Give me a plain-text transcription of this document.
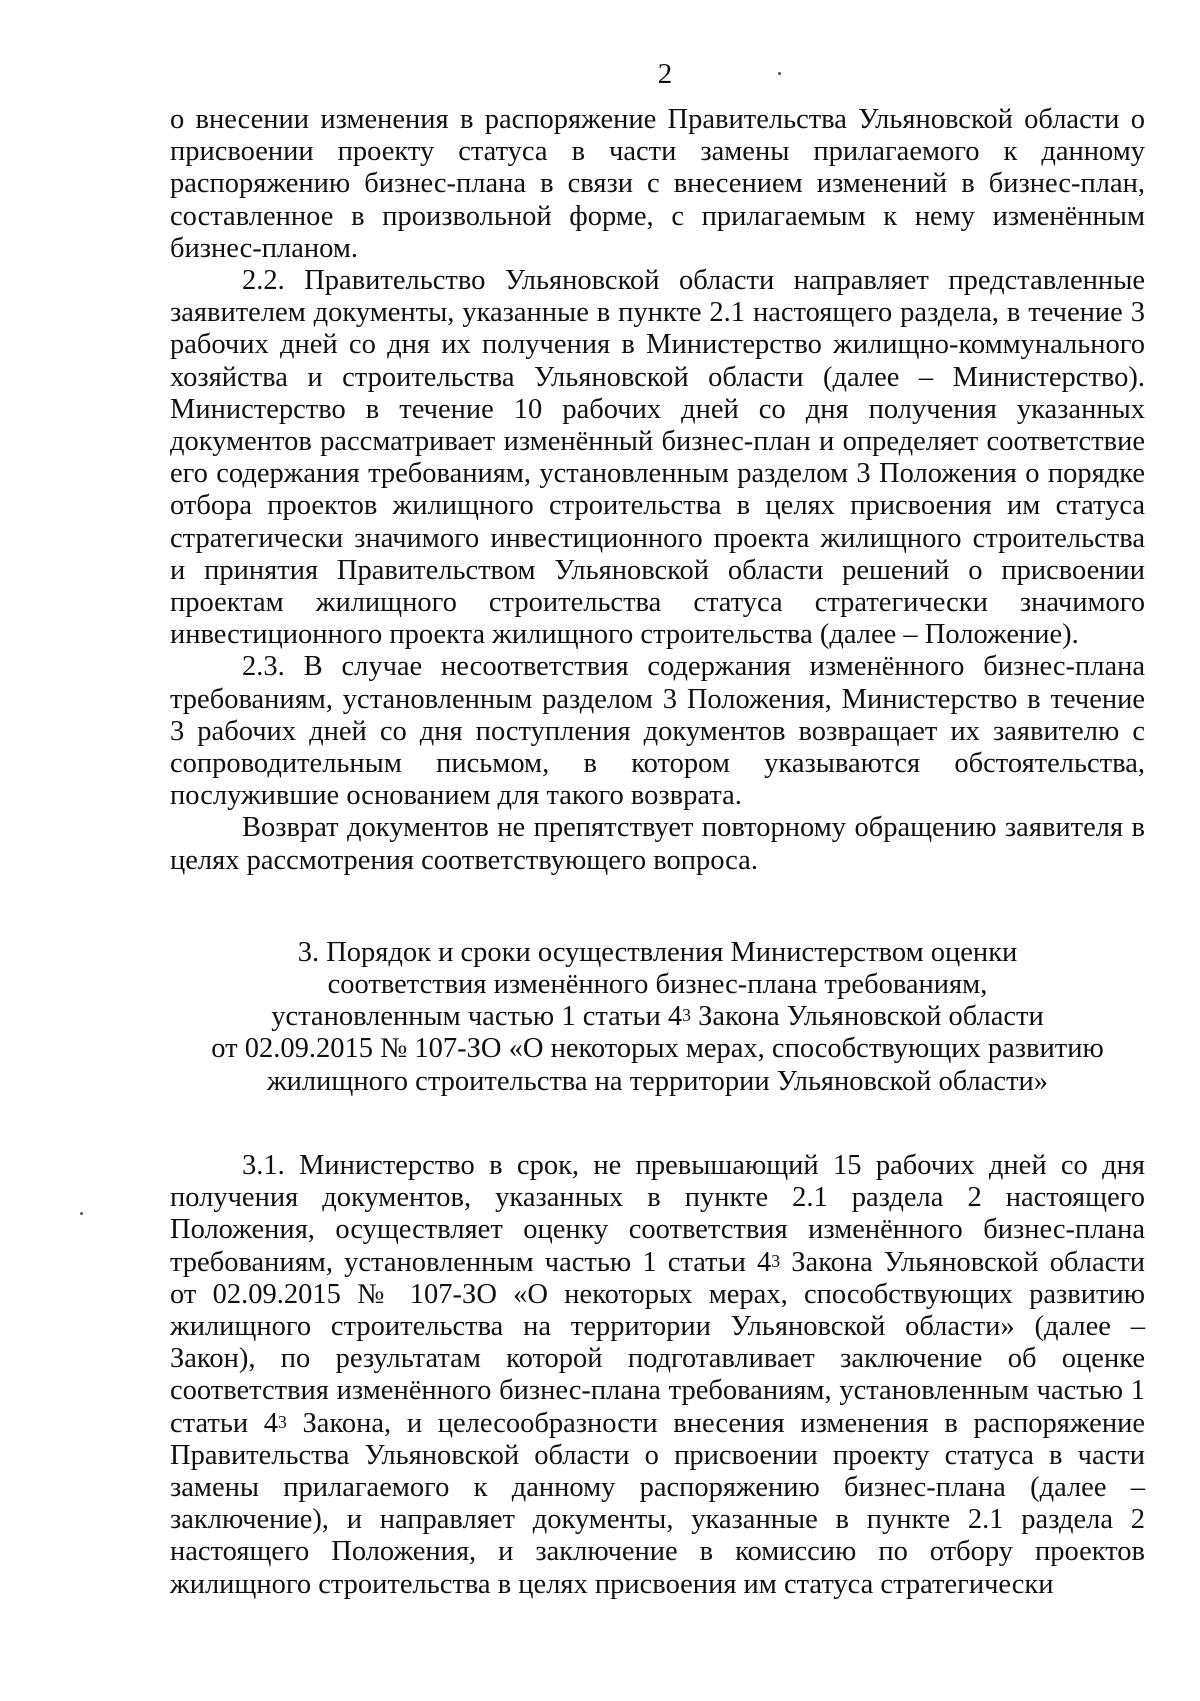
2

о внесении изменения в распоряжение Правительства Ульяновской области о присвоении проекту статуса в части замены прилагаемого к данному распоряжению бизнес-плана в связи с внесением изменений в бизнес-план, составленное в произвольной форме, с прилагаемым к нему изменённым бизнес-планом.

2.2. Правительство Ульяновской области направляет представленные заявителем документы, указанные в пункте 2.1 настоящего раздела, в течение 3 рабочих дней со дня их получения в Министерство жилищно-коммунального хозяйства и строительства Ульяновской области (далее – Министерство). Министерство в течение 10 рабочих дней со дня получения указанных документов рассматривает изменённый бизнес-план и определяет соответствие его содержания требованиям, установленным разделом 3 Положения о порядке отбора проектов жилищного строительства в целях присвоения им статуса стратегически значимого инвестиционного проекта жилищного строительства и принятия Правительством Ульяновской области решений о присвоении проектам жилищного строительства статуса стратегически значимого инвестиционного проекта жилищного строительства (далее – Положение).

2.3. В случае несоответствия содержания изменённого бизнес-плана требованиям, установленным разделом 3 Положения, Министерство в течение 3 рабочих дней со дня поступления документов возвращает их заявителю с сопроводительным письмом, в котором указываются обстоятельства, послужившие основанием для такого возврата.

Возврат документов не препятствует повторному обращению заявителя в целях рассмотрения соответствующего вопроса.

3. Порядок и сроки осуществления Министерством оценки
соответствия изменённого бизнес-плана требованиям,
установленным частью 1 статьи $4^3$ Закона Ульяновской области
от 02.09.2015 № 107-ЗО «О некоторых мерах, способствующих развитию
жилищного строительства на территории Ульяновской области»

3.1. Министерство в срок, не превышающий 15 рабочих дней со дня получения документов, указанных в пункте 2.1 раздела 2 настоящего Положения, осуществляет оценку соответствия изменённого бизнес-плана требованиям, установленным частью 1 статьи $4^3$ Закона Ульяновской области от 02.09.2015 № 107-ЗО «О некоторых мерах, способствующих развитию жилищного строительства на территории Ульяновской области» (далее – Закон), по результатам которой подготавливает заключение об оценке соответствия изменённого бизнес-плана требованиям, установленным частью 1 статьи $4^3$ Закона, и целесообразности внесения изменения в распоряжение Правительства Ульяновской области о присвоении проекту статуса в части замены прилагаемого к данному распоряжению бизнес-плана (далее – заключение), и направляет документы, указанные в пункте 2.1 раздела 2 настоящего Положения, и заключение в комиссию по отбору проектов жилищного строительства в целях присвоения им статуса стратегически
